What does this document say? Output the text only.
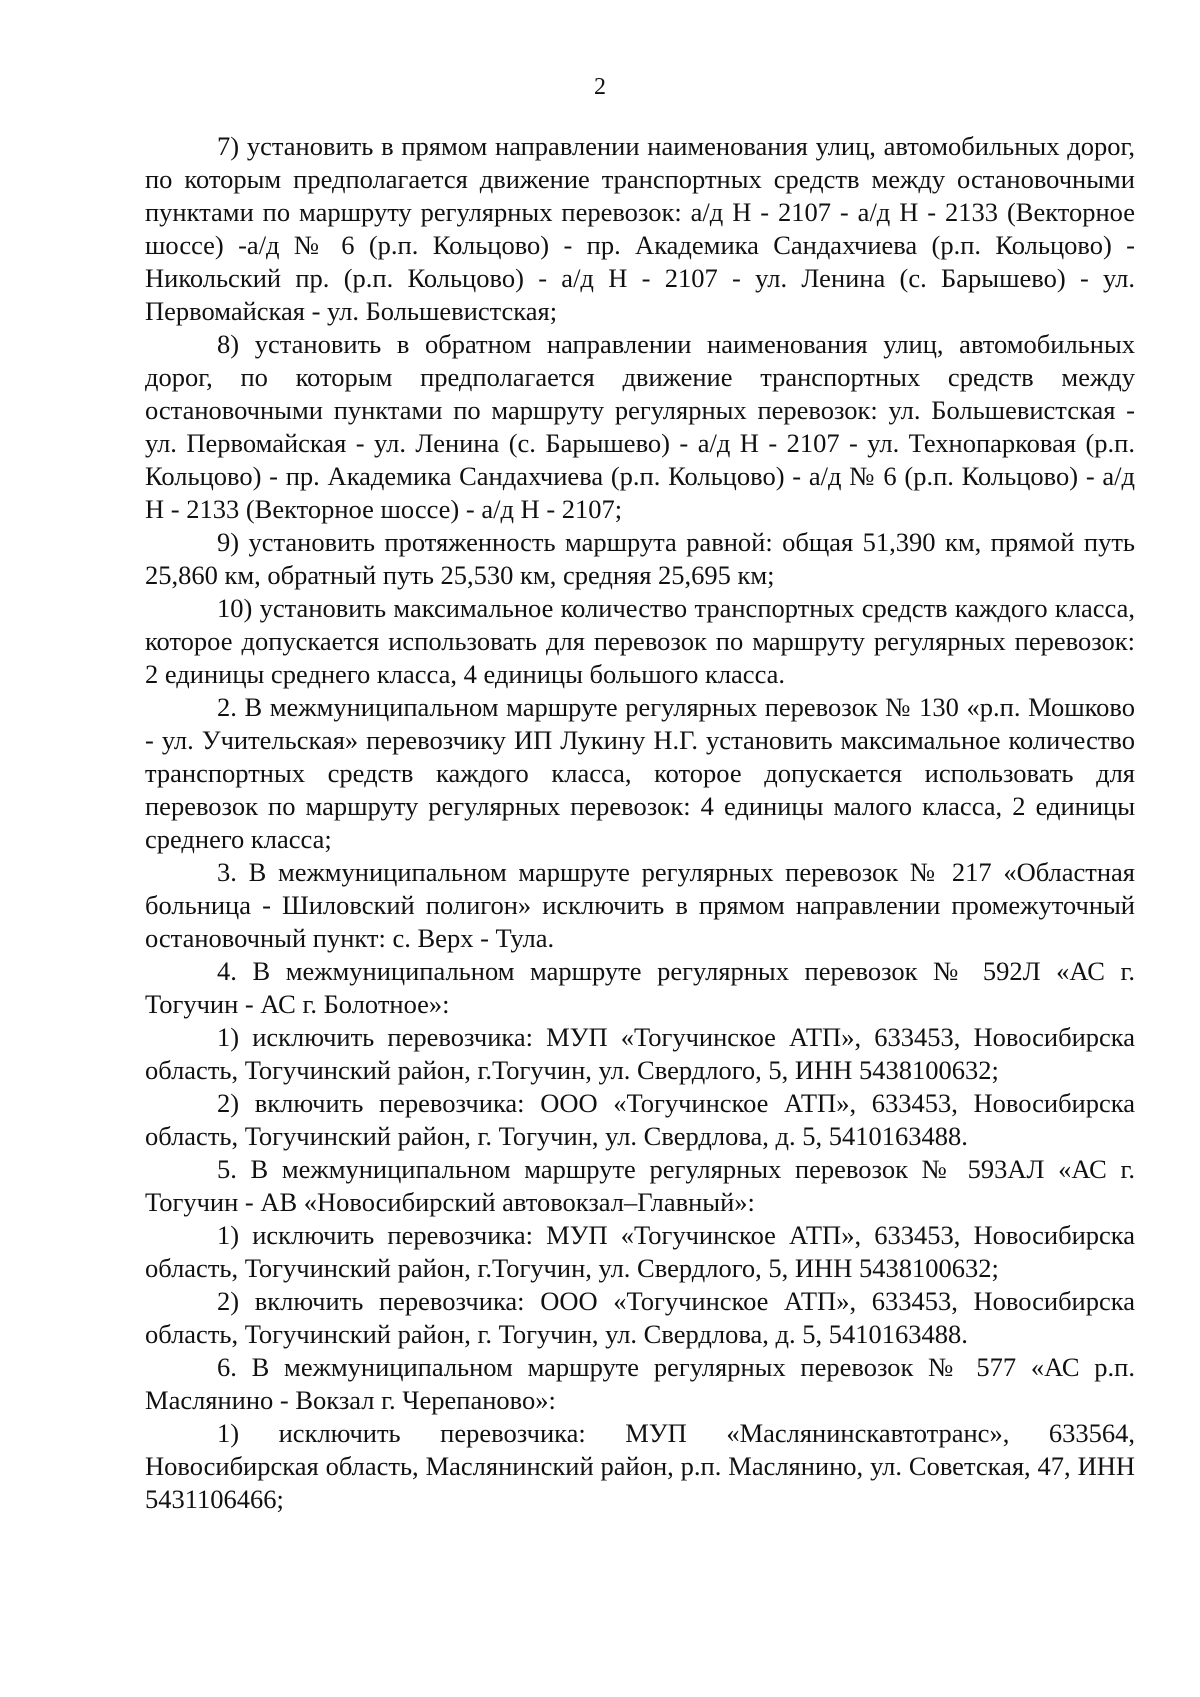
2

7) установить в прямом направлении наименования улиц, автомобильных дорог, по которым предполагается движение транспортных средств между остановочными пунктами по маршруту регулярных перевозок: а/д Н - 2107 - а/д Н - 2133 (Векторное шоссе) -а/д № 6 (р.п. Кольцово) - пр. Академика Сандахчиева (р.п. Кольцово) - Никольский пр. (р.п. Кольцово) - а/д Н - 2107 - ул. Ленина (с. Барышево) - ул. Первомайская - ул. Большевистская;

8) установить в обратном направлении наименования улиц, автомобильных дорог, по которым предполагается движение транспортных средств между остановочными пунктами по маршруту регулярных перевозок: ул. Большевистская - ул. Первомайская - ул. Ленина (с. Барышево) - а/д Н - 2107 - ул. Технопарковая (р.п. Кольцово) - пр. Академика Сандахчиева (р.п. Кольцово) - а/д № 6 (р.п. Кольцово) - а/д Н - 2133 (Векторное шоссе) - а/д Н - 2107;

9) установить протяженность маршрута равной: общая 51,390 км, прямой путь 25,860 км, обратный путь 25,530 км, средняя 25,695 км;

10) установить максимальное количество транспортных средств каждого класса, которое допускается использовать для перевозок по маршруту регулярных перевозок: 2 единицы среднего класса, 4 единицы большого класса.

2. В межмуниципальном маршруте регулярных перевозок № 130 «р.п. Мошково - ул. Учительская» перевозчику ИП Лукину Н.Г. установить максимальное количество транспортных средств каждого класса, которое допускается использовать для перевозок по маршруту регулярных перевозок: 4 единицы малого класса, 2 единицы среднего класса;

3. В межмуниципальном маршруте регулярных перевозок № 217 «Областная больница - Шиловский полигон» исключить в прямом направлении промежуточный остановочный пункт: с. Верх - Тула.

4. В межмуниципальном маршруте регулярных перевозок № 592Л «АС г. Тогучин - АС г. Болотное»:

1) исключить перевозчика: МУП «Тогучинское АТП», 633453, Новосибирска область, Тогучинский район, г.Тогучин, ул. Свердлого, 5, ИНН 5438100632;

2) включить перевозчика: ООО «Тогучинское АТП», 633453, Новосибирска область, Тогучинский район, г. Тогучин, ул. Свердлова, д. 5, 5410163488.

5. В межмуниципальном маршруте регулярных перевозок № 593АЛ «АС г. Тогучин - АВ «Новосибирский автовокзал–Главный»:

1) исключить перевозчика: МУП «Тогучинское АТП», 633453, Новосибирска область, Тогучинский район, г.Тогучин, ул. Свердлого, 5, ИНН 5438100632;

2) включить перевозчика: ООО «Тогучинское АТП», 633453, Новосибирска область, Тогучинский район, г. Тогучин, ул. Свердлова, д. 5, 5410163488.

6. В межмуниципальном маршруте регулярных перевозок № 577 «АС р.п. Маслянино - Вокзал г. Черепаново»:

1) исключить перевозчика: МУП «Маслянинскавтотранс», 633564, Новосибирская область, Маслянинский район, р.п. Маслянино, ул. Советская, 47, ИНН 5431106466;
